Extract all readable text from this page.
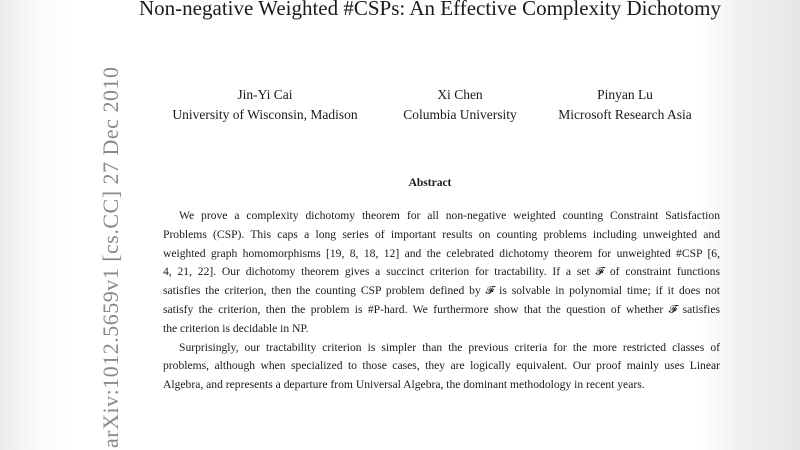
Non-negative Weighted #CSPs: An Effective Complexity Dichotomy
arXiv:1012.5659v1 [cs.CC] 27 Dec 2010	Jin-Yi Cai
University of Wisconsin, Madison
Xi Chen
Columbia University
Pinyan Lu
Microsoft Research Asia
Abstract
We prove a complexity dichotomy theorem for all non-negative weighted counting Constraint Satisfaction
Problems (CSP). This caps a long series of important results on counting problems including unweighted and
weighted graph homomorphisms [19, 8, 18, 12] and the celebrated dichotomy theorem for unweighted #CSP [6,
4, 21, 22]. Our dichotomy theorem gives a succinct criterion for tractability. If a set 𝓕 of constraint functions
satisfies the criterion, then the counting CSP problem defined by 𝓕 is solvable in polynomial time; if it does not
satisfy the criterion, then the problem is #P-hard. We furthermore show that the question of whether 𝓕 satisfies
the criterion is decidable in NP.
Surprisingly, our tractability criterion is simpler than the previous criteria for the more restricted classes of
problems, although when specialized to those cases, they are logically equivalent. Our proof mainly uses Linear
Algebra, and represents a departure from Universal Algebra, the dominant methodology in recent years.
